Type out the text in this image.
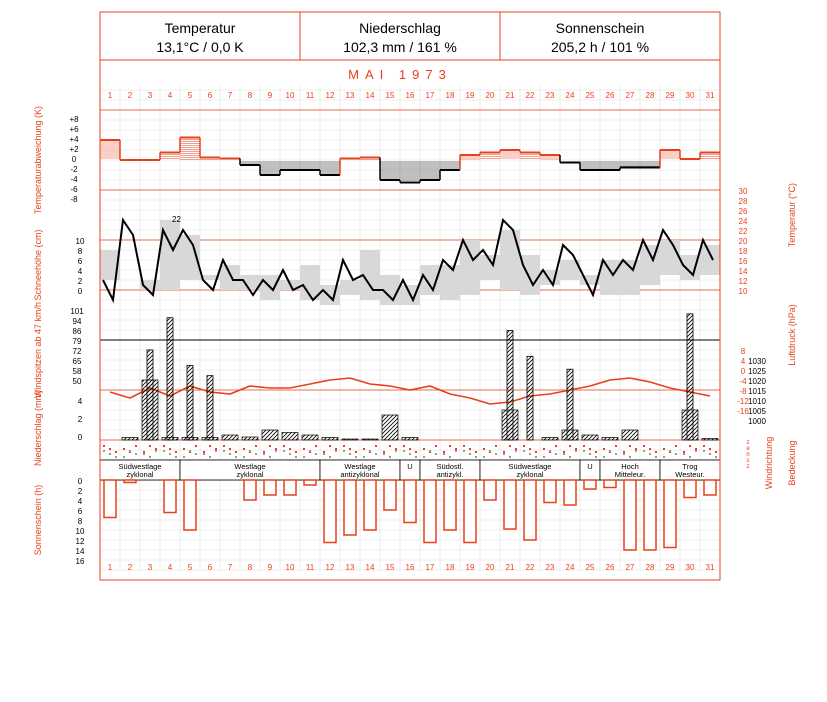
Temperatur
13,1°C / 0,0 K
Niederschlag
102,3 mm / 161 %
Sonnenschein
205,2 h / 101 %
MAI 1973
1 2 3 4 5 6 7 8 9 10 11 12 13 14 15 16 17 18 19 20 21 22 23 24 25 26 27 28 29 30 31
1 2 3 4 5 6 7 8 9 10 11 12 13 14 15 16 17 18 19 20 21 22 23 24 25 26 27 28 29 30 31
Südwestlage
zyklonal
Westlage
zyklonal
Westlage
antizyklonal
U	Südostl.
antizykl.
Südwestlage
zyklonal
U	Hoch
Mitteleur.
Trog
Westeur.
+8
+6
+4
+2
0
-2
-4
-6
-8
10
8
6
4
2
0
101
94
86
79
72
65
58
50
4
2
0
0
2
4
6
8
10
12
14
16
30
28
26
24
22
20
18
16
14
12
10
1030
1025
1020
1015
1010
1005
1000
8
4
0
-4
-8
-12
-16
Temperaturabweichung (K)
Schneehöhe (cm)
Windspitzen ab 47 km/h
Niederschlag (mm)
Sonnenschein (h)
Temperatur (°C)
Luftdruck (hPa)
Windrichtung Bedeckung
22
z
e
n
s
z
